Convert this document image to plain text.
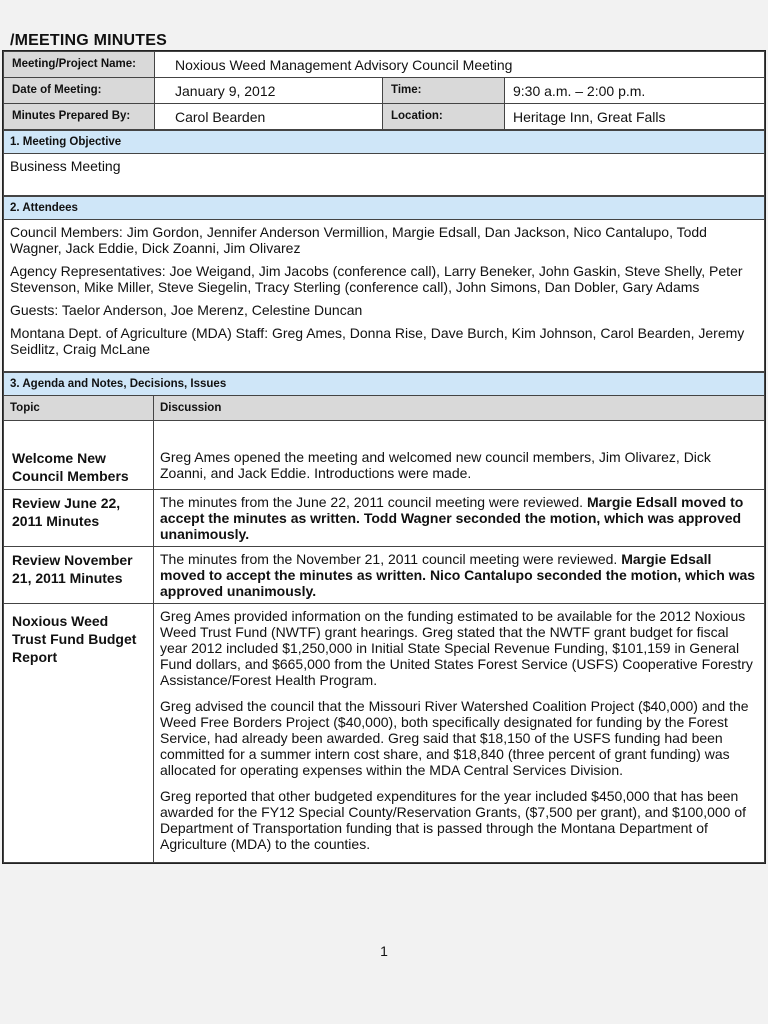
/MEETING MINUTES
Meeting/Project Name:	Noxious Weed Management Advisory Council Meeting		
Date of Meeting:	January 9, 2012	Time:	9:30 a.m. – 2:00 p.m.
Minutes Prepared By:	Carol Bearden	Location:	Heritage Inn, Great Falls
1. Meeting Objective
Business Meeting
2. Attendees

Council Members: Jim Gordon, Jennifer Anderson Vermillion, Margie Edsall, Dan Jackson, Nico Cantalupo, Todd Wagner, Jack Eddie, Dick Zoanni, Jim Olivarez

Agency Representatives: Joe Weigand, Jim Jacobs (conference call), Larry Beneker, John Gaskin, Steve Shelly, Peter Stevenson, Mike Miller, Steve Siegelin, Tracy Sterling (conference call), John Simons, Dan Dobler, Gary Adams

Guests: Taelor Anderson, Joe Merenz, Celestine Duncan

Montana Dept. of Agriculture (MDA) Staff: Greg Ames, Donna Rise, Dave Burch, Kim Johnson, Carol Bearden, Jeremy Seidlitz, Craig McLane

3. Agenda and Notes, Decisions, Issues	
Topic	Discussion
Welcome New Council Members	Greg Ames opened the meeting and welcomed new council members, Jim Olivarez, Dick Zoanni, and Jack Eddie. Introductions were made.
Review June 22, 2011 Minutes	The minutes from the June 22, 2011 council meeting were reviewed. Margie Edsall moved to accept the minutes as written. Todd Wagner seconded the motion, which was approved unanimously.
Review November 21, 2011 Minutes	The minutes from the November 21, 2011 council meeting were reviewed. Margie Edsall moved to accept the minutes as written. Nico Cantalupo seconded the motion, which was approved unanimously.
Noxious Weed Trust Fund Budget Report	Greg Ames provided information on the funding estimated to be available for the 2012 Noxious Weed Trust Fund (NWTF) grant hearings. Greg stated that the NWTF grant budget for fiscal year 2012 included $1,250,000 in Initial State Special Revenue Funding, $101,159 in General Fund dollars, and $665,000 from the United States Forest Service (USFS) Cooperative Forestry Assistance/Forest Health Program.

Greg advised the council that the Missouri River Watershed Coalition Project ($40,000) and the Weed Free Borders Project ($40,000), both specifically designated for funding by the Forest Service, had already been awarded. Greg said that $18,150 of the USFS funding had been committed for a summer intern cost share, and $18,840 (three percent of grant funding) was allocated for operating expenses within the MDA Central Services Division.

Greg reported that other budgeted expenditures for the year included $450,000 that has been awarded for the FY12 Special County/Reservation Grants, ($7,500 per grant), and $100,000 of Department of Transportation funding that is passed through the Montana Department of Agriculture (MDA) to the counties.

1
